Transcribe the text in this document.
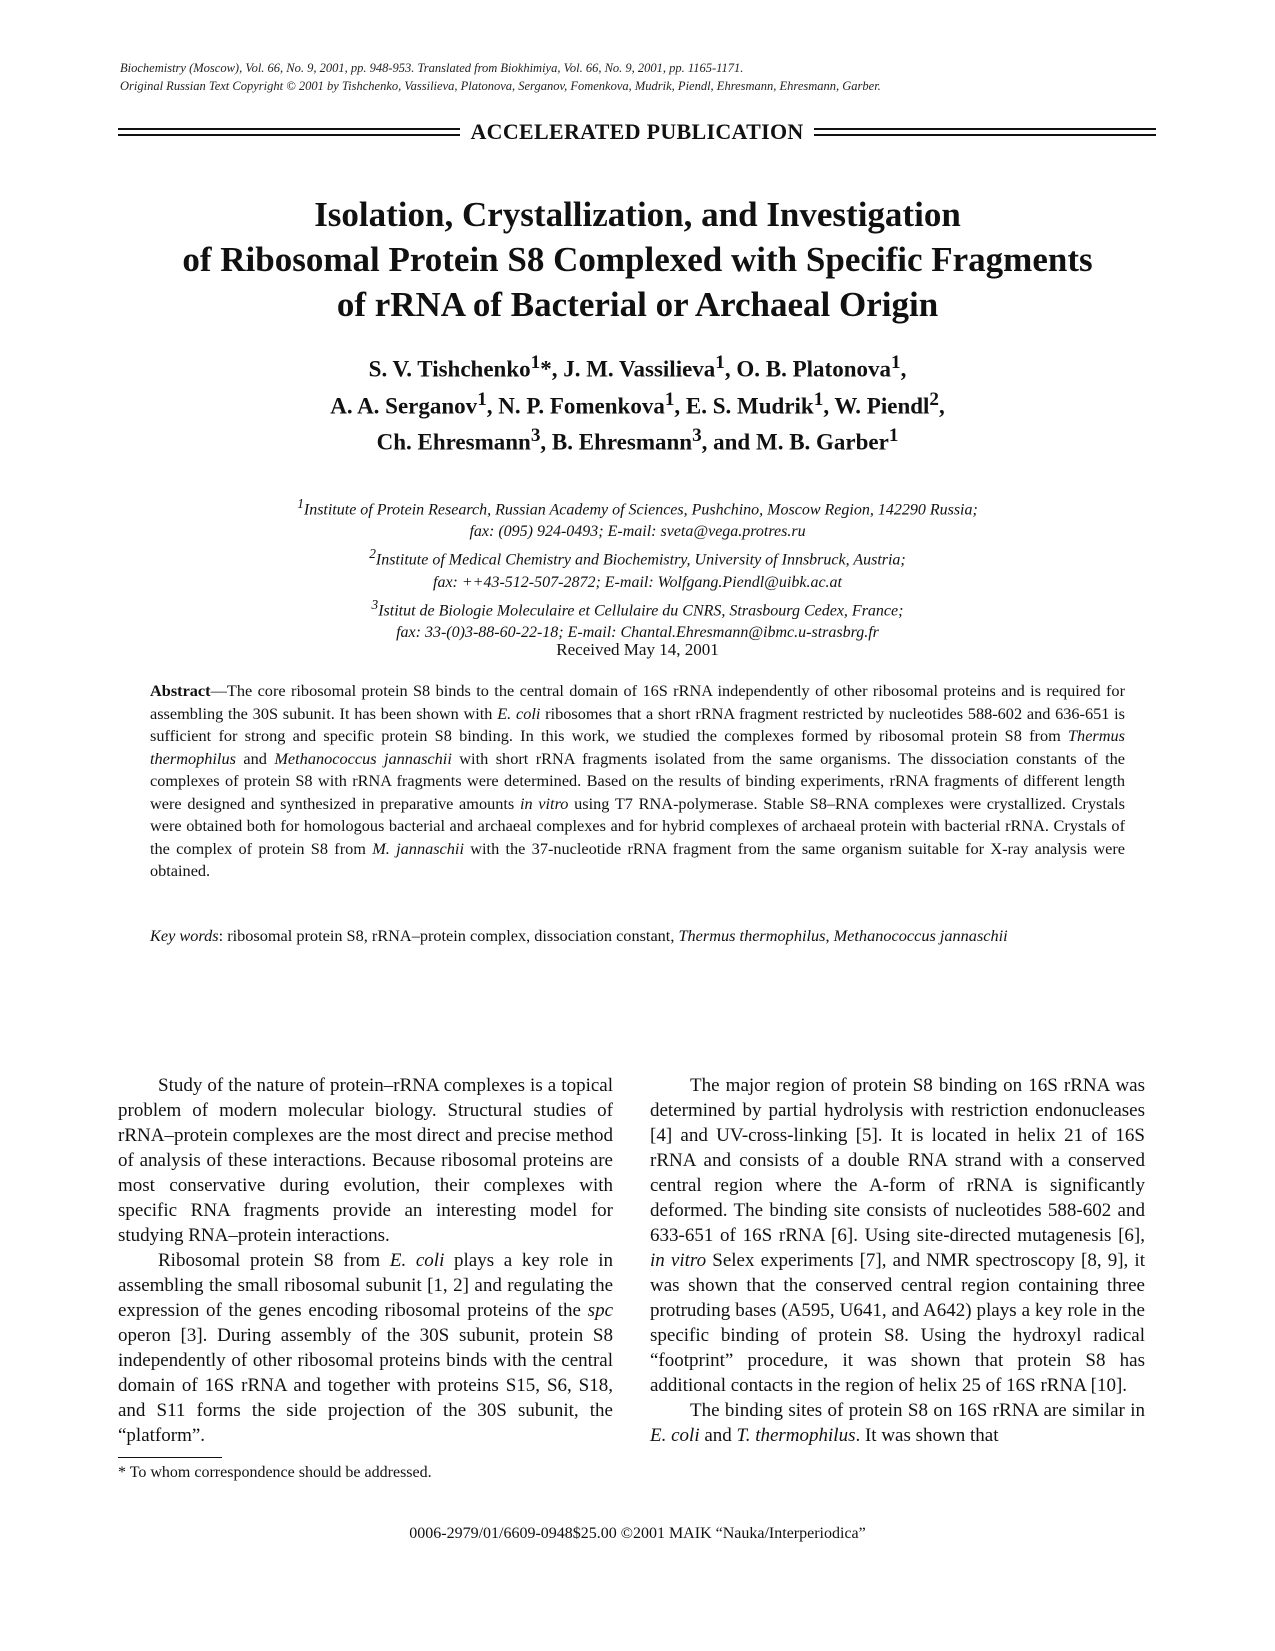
Biochemistry (Moscow), Vol. 66, No. 9, 2001, pp. 948-953. Translated from Biokhimiya, Vol. 66, No. 9, 2001, pp. 1165-1171.
Original Russian Text Copyright © 2001 by Tishchenko, Vassilieva, Platonova, Serganov, Fomenkova, Mudrik, Piendl, Ehresmann, Ehresmann, Garber.
ACCELERATED PUBLICATION
Isolation, Crystallization, and Investigation
of Ribosomal Protein S8 Complexed with Specific Fragments
of rRNA of Bacterial or Archaeal Origin
S. V. Tishchenko$^1$*, J. M. Vassilieva$^1$, O. B. Platonova$^1$,
A. A. Serganov$^1$, N. P. Fomenkova$^1$, E. S. Mudrik$^1$, W. Piendl$^2$,
Ch. Ehresmann$^3$, B. Ehresmann$^3$, and M. B. Garber$^1$
$^1$Institute of Protein Research, Russian Academy of Sciences, Pushchino, Moscow Region, 142290 Russia;
fax: (095) 924-0493; E-mail: sveta@vega.protres.ru
$^2$Institute of Medical Chemistry and Biochemistry, University of Innsbruck, Austria;
fax: ++43-512-507-2872; E-mail: Wolfgang.Piendl@uibk.ac.at
$^3$Istitut de Biologie Moleculaire et Cellulaire du CNRS, Strasbourg Cedex, France;
fax: 33-(0)3-88-60-22-18; E-mail: Chantal.Ehresmann@ibmc.u-strasbrg.fr
Received May 14, 2001
Abstract—The core ribosomal protein S8 binds to the central domain of 16S rRNA independently of other ribosomal proteins and is required for assembling the 30S subunit. It has been shown with E. coli ribosomes that a short rRNA fragment restricted by nucleotides 588-602 and 636-651 is sufficient for strong and specific protein S8 binding. In this work, we studied the complexes formed by ribosomal protein S8 from Thermus thermophilus and Methanococcus jannaschii with short rRNA fragments isolated from the same organisms. The dissociation constants of the complexes of protein S8 with rRNA fragments were determined. Based on the results of binding experiments, rRNA fragments of different length were designed and synthesized in preparative amounts in vitro using T7 RNA-polymerase. Stable S8–RNA complexes were crystallized. Crystals were obtained both for homologous bacterial and archaeal complexes and for hybrid complexes of archaeal protein with bacterial rRNA. Crystals of the complex of protein S8 from M. jannaschii with the 37-nucleotide rRNA fragment from the same organism suitable for X-ray analysis were obtained.
Key words: ribosomal protein S8, rRNA–protein complex, dissociation constant, Thermus thermophilus, Methanococcus jannaschii

Study of the nature of protein–rRNA complexes is a topical problem of modern molecular biology. Structural studies of rRNA–protein complexes are the most direct and precise method of analysis of these interactions. Because ribosomal proteins are most conservative during evolution, their complexes with specific RNA fragments provide an interesting model for studying RNA–protein interactions.

Ribosomal protein S8 from E. coli plays a key role in assembling the small ribosomal subunit [1, 2] and regulating the expression of the genes encoding ribosomal proteins of the spc operon [3]. During assembly of the 30S subunit, protein S8 independently of other ribosomal proteins binds with the central domain of 16S rRNA and together with proteins S15, S6, S18, and S11 forms the side projection of the 30S subunit, the “platform”.

The major region of protein S8 binding on 16S rRNA was determined by partial hydrolysis with restriction endonucleases [4] and UV-cross-linking [5]. It is located in helix 21 of 16S rRNA and consists of a double RNA strand with a conserved central region where the A-form of rRNA is significantly deformed. The binding site consists of nucleotides 588-602 and 633-651 of 16S rRNA [6]. Using site-directed mutagenesis [6], in vitro Selex experiments [7], and NMR spectroscopy [8, 9], it was shown that the conserved central region containing three protruding bases (A595, U641, and A642) plays a key role in the specific binding of protein S8. Using the hydroxyl radical “footprint” procedure, it was shown that protein S8 has additional contacts in the region of helix 25 of 16S rRNA [10].

The binding sites of protein S8 on 16S rRNA are similar in E. coli and T. thermophilus. It was shown that

* To whom correspondence should be addressed.
0006-2979/01/6609-0948$25.00 ©2001 MAIK “Nauka/Interperiodica”
